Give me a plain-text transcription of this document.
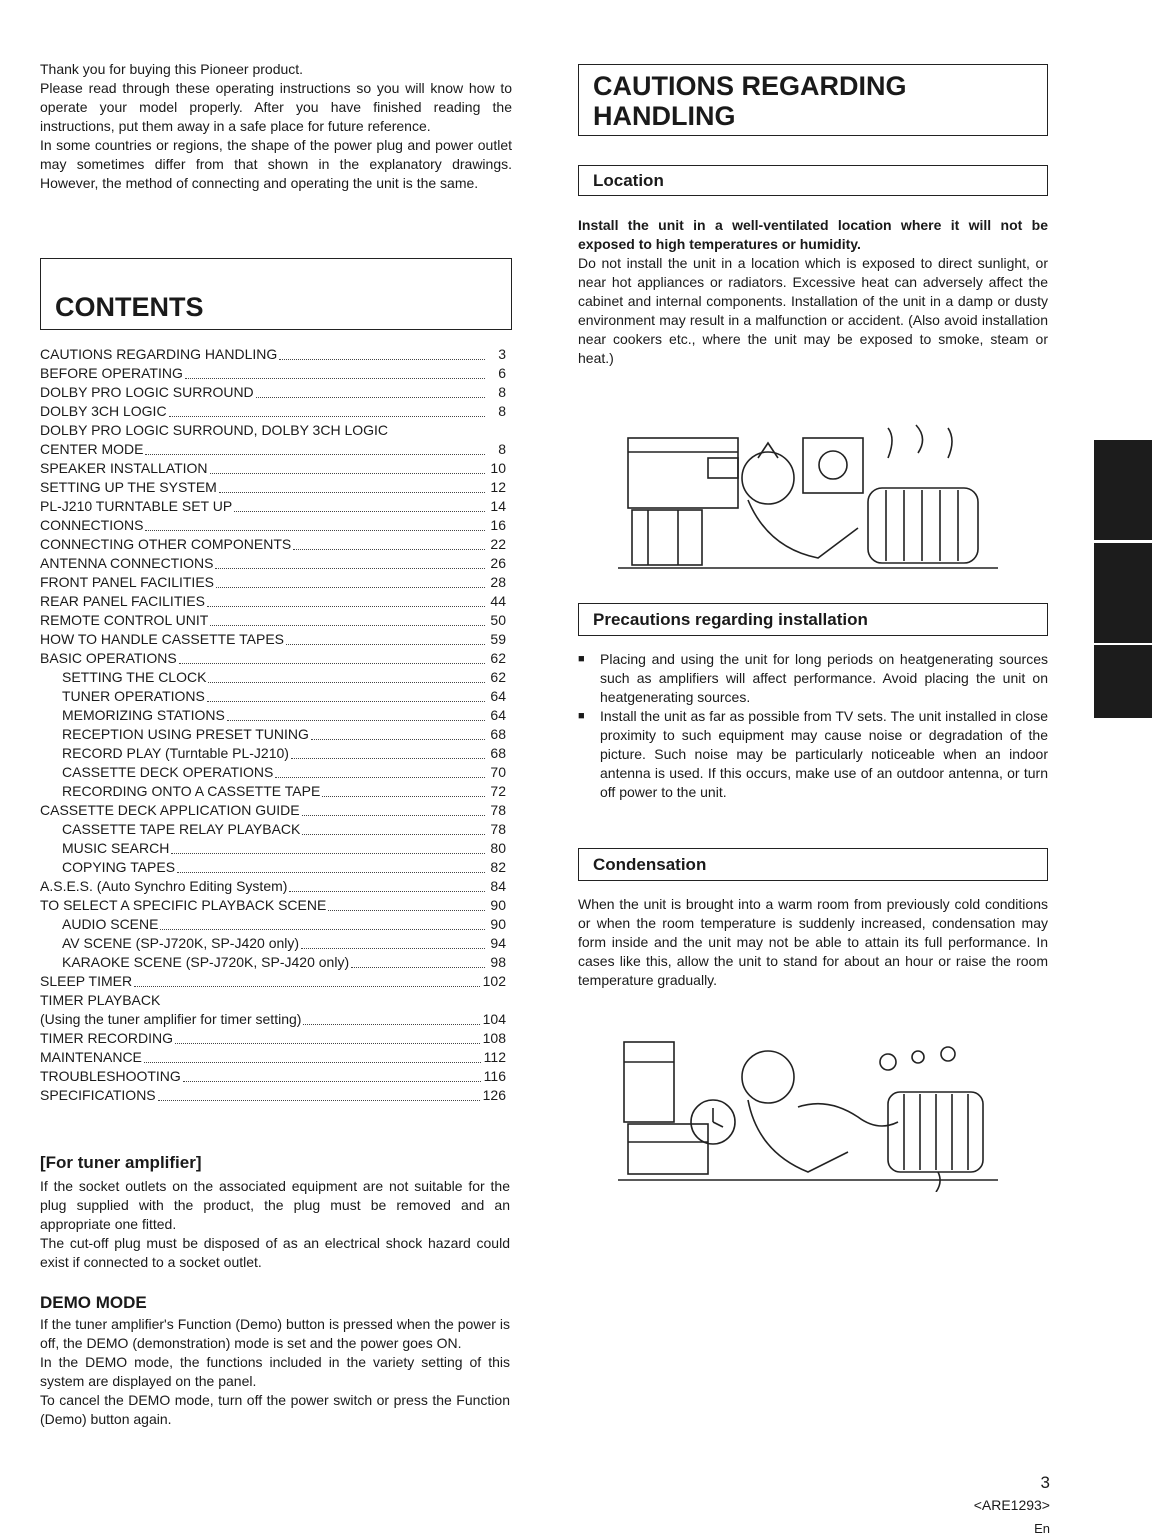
Thank you for buying this Pioneer product.

Please read through these operating instructions so you will know how to operate your model properly. After you have finished reading the instructions, put them away in a safe place for future reference.

In some countries or regions, the shape of the power plug and power outlet may sometimes differ from that shown in the explanatory drawings. However, the method of connecting and operating the unit is the same.

CONTENTS
CAUTIONS REGARDING HANDLING	3
BEFORE OPERATING	6
DOLBY PRO LOGIC SURROUND	8
DOLBY 3CH LOGIC	8
DOLBY PRO LOGIC SURROUND, DOLBY 3CH LOGIC
CENTER MODE	8
SPEAKER INSTALLATION	10
SETTING UP THE SYSTEM	12
PL-J210 TURNTABLE SET UP	14
CONNECTIONS	16
CONNECTING OTHER COMPONENTS	22
ANTENNA CONNECTIONS	26
FRONT PANEL FACILITIES	28
REAR PANEL FACILITIES	44
REMOTE CONTROL UNIT	50
HOW TO HANDLE CASSETTE TAPES	59
BASIC OPERATIONS	62
SETTING THE CLOCK	62
TUNER OPERATIONS	64
MEMORIZING STATIONS	64
RECEPTION USING PRESET TUNING	68
RECORD PLAY (Turntable PL-J210)	68
CASSETTE DECK OPERATIONS	70
RECORDING ONTO A CASSETTE TAPE	72
CASSETTE DECK APPLICATION GUIDE	78
CASSETTE TAPE RELAY PLAYBACK	78
MUSIC SEARCH	80
COPYING TAPES	82
A.S.E.S. (Auto Synchro Editing System)	84
TO SELECT A SPECIFIC PLAYBACK SCENE	90
AUDIO SCENE	90
AV SCENE (SP-J720K, SP-J420 only)	94
KARAOKE SCENE (SP-J720K, SP-J420 only)	98
SLEEP TIMER	102
TIMER PLAYBACK
(Using the tuner amplifier for timer setting)	104
TIMER RECORDING	108
MAINTENANCE	112
TROUBLESHOOTING	116
SPECIFICATIONS	126
[For tuner amplifier]

If the socket outlets on the associated equipment are not suitable for the plug supplied with the product, the plug must be removed and an appropriate one fitted.

The cut-off plug must be disposed of as an electrical shock hazard could exist if connected to a socket outlet.

DEMO MODE

If the tuner amplifier's Function (Demo) button is pressed when the power is off, the DEMO (demonstration) mode is set and the power goes ON.

In the DEMO mode, the functions included in the variety setting of this system are displayed on the panel.

To cancel the DEMO mode, turn off the power switch or press the Function (Demo) button again.

CAUTIONS REGARDING
HANDLING
Location

Install the unit in a well-ventilated location where it will not be exposed to high temperatures or humidity.

Do not install the unit in a location which is exposed to direct sunlight, or near hot appliances or radiators. Excessive heat can adversely affect the cabinet and internal components. Installation of the unit in a damp or dusty environment may result in a malfunction or accident. (Also avoid installation near cookers etc., where the unit may be exposed to smoke, steam or heat.)

Precautions regarding installation
■	Placing and using the unit for long periods on heatgenerating sources such as amplifiers will affect performance. Avoid placing the unit on heatgenerating sources.
■	Install the unit as far as possible from TV sets. The unit installed in close proximity to such equipment may cause noise or degradation of the picture. Such noise may be particularly noticeable when an indoor antenna is used. If this occurs, make use of an outdoor antenna, or turn off power to the unit.
Condensation

When the unit is brought into a warm room from previously cold conditions or when the room temperature is suddenly increased, condensation may form inside and the unit may not be able to attain its full performance. In cases like this, allow the unit to stand for about an hour or raise the room temperature gradually.

3
<ARE1293>
En
